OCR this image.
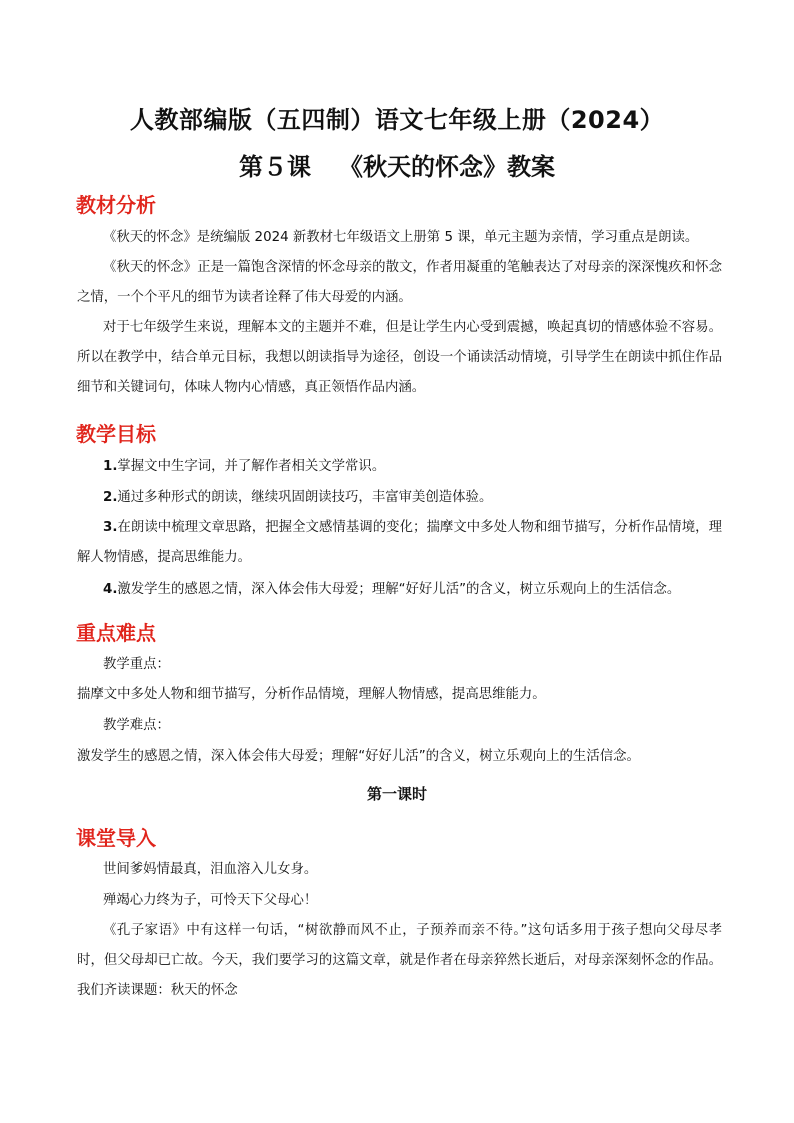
人教部编版（五四制）语文七年级上册（2024）
第５课 《秋天的怀念》教案
教材分析
《秋天的怀念》是统编版 2024 新教材七年级语文上册第 5 课，单元主题为亲情，学习重点是朗读。
《秋天的怀念》正是一篇饱含深情的怀念母亲的散文，作者用凝重的笔触表达了对母亲的深深愧疚和怀念之情，一个个平凡的细节为读者诠释了伟大母爱的内涵。
对于七年级学生来说，理解本文的主题并不难，但是让学生内心受到震撼，唤起真切的情感体验不容易。所以在教学中，结合单元目标，我想以朗读指导为途径，创设一个诵读活动情境，引导学生在朗读中抓住作品细节和关键词句，体味人物内心情感，真正领悟作品内涵。
教学目标
1.掌握文中生字词，并了解作者相关文学常识。
2.通过多种形式的朗读，继续巩固朗读技巧，丰富审美创造体验。
3.在朗读中梳理文章思路，把握全文感情基调的变化；揣摩文中多处人物和细节描写，分析作品情境，理解人物情感，提高思维能力。
4.激发学生的感恩之情，深入体会伟大母爱；理解“好好儿活”的含义，树立乐观向上的生活信念。
重点难点
教学重点：
揣摩文中多处人物和细节描写，分析作品情境，理解人物情感，提高思维能力。
教学难点：
激发学生的感恩之情，深入体会伟大母爱；理解“好好儿活”的含义，树立乐观向上的生活信念。
第一课时
课堂导入
世间爹妈情最真，泪血溶入儿女身。
殚竭心力终为子，可怜天下父母心！
《孔子家语》中有这样一句话，“树欲静而风不止，子预养而亲不待。”这句话多用于孩子想向父母尽孝时，但父母却已亡故。今天，我们要学习的这篇文章，就是作者在母亲猝然长逝后，对母亲深刻怀念的作品。我们齐读课题：秋天的怀念
